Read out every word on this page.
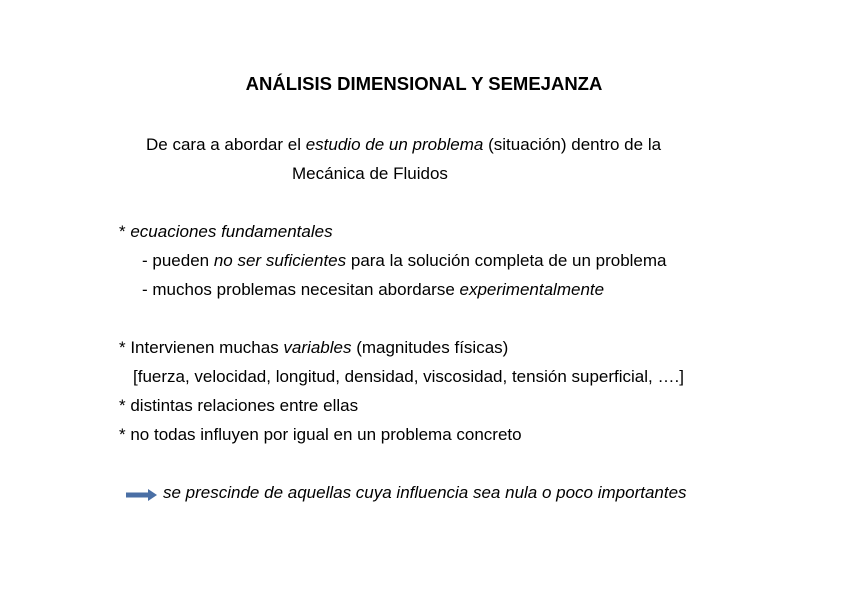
ANÁLISIS DIMENSIONAL Y SEMEJANZA
De cara a abordar el estudio de un problema (situación) dentro de la
Mecánica de Fluidos
* ecuaciones fundamentales
- pueden no ser suficientes para la solución completa de un problema
- muchos problemas necesitan abordarse experimentalmente
* Intervienen muchas variables (magnitudes físicas)
[fuerza, velocidad, longitud, densidad, viscosidad, tensión superficial, ….]
* distintas relaciones entre ellas
* no todas influyen por igual en un problema concreto
se prescinde de aquellas cuya influencia sea nula o poco importantes
